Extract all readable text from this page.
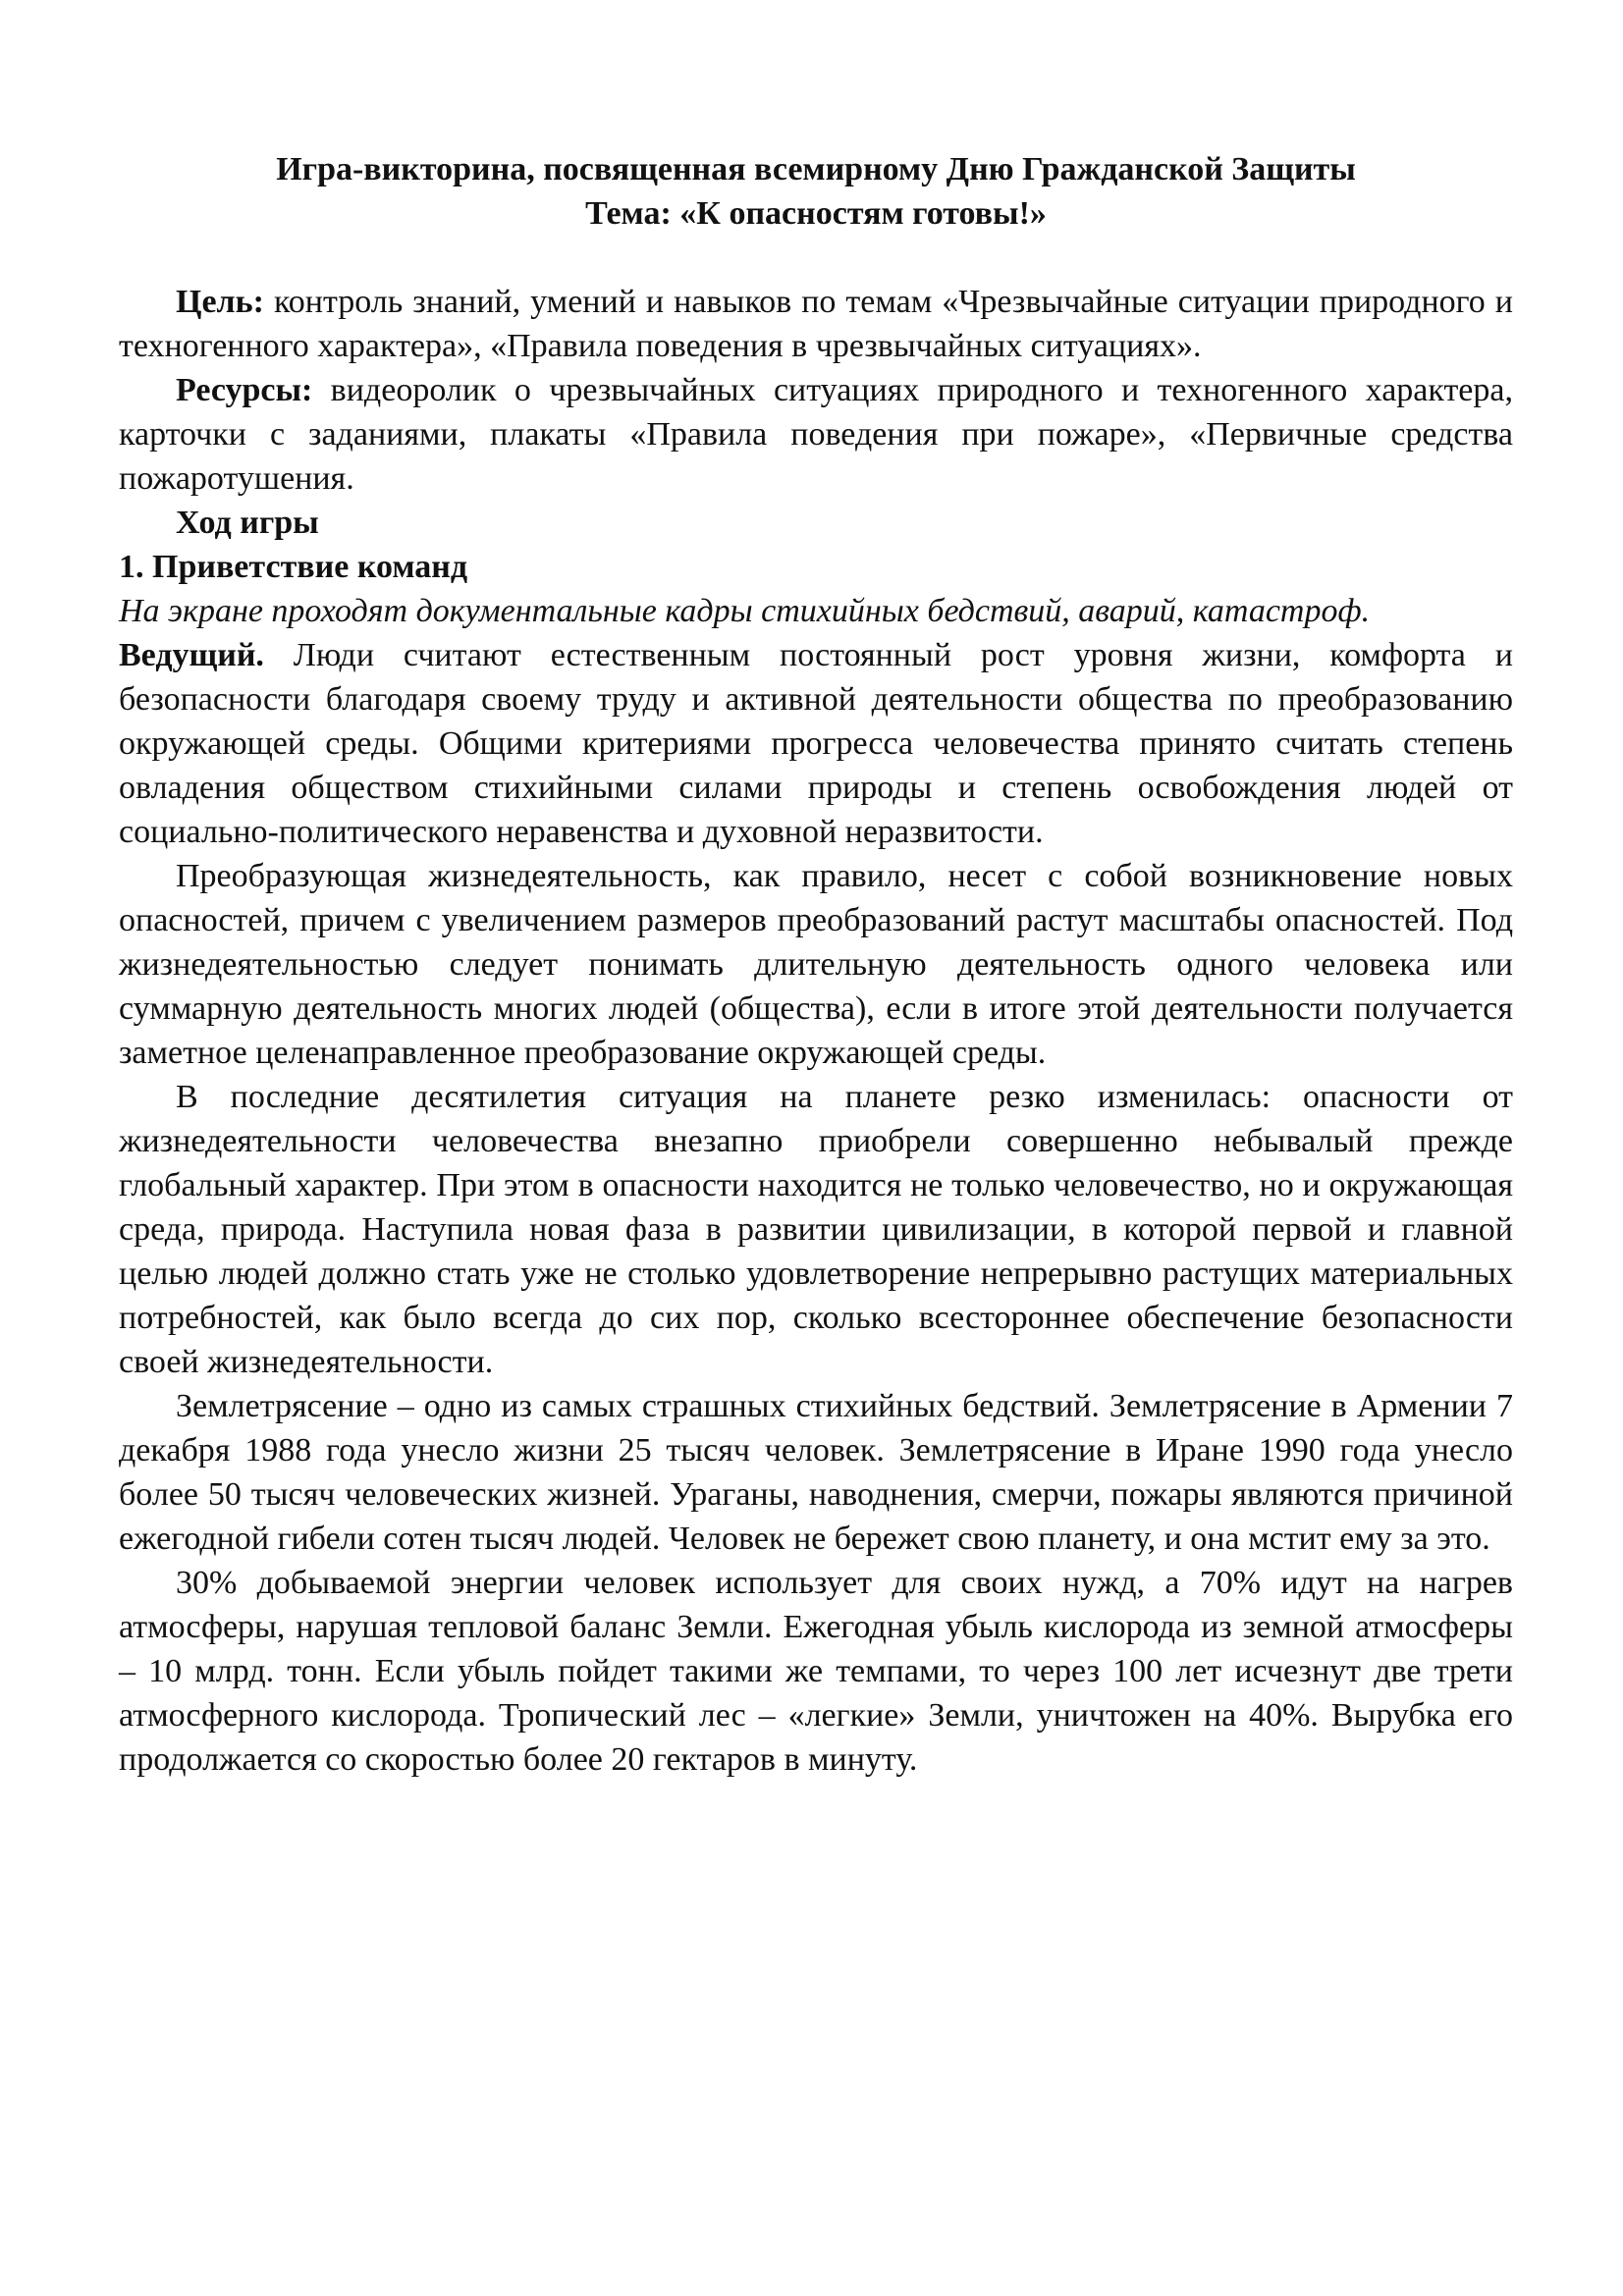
Игра-викторина, посвященная всемирному Дню Гражданской Защиты

Тема: «К опасностям готовы!»

Цель: контроль знаний, умений и навыков по темам «Чрезвычайные ситуации природного и техногенного характера», «Правила поведения в чрезвычайных ситуациях».

Ресурсы: видеоролик о чрезвычайных ситуациях природного и техногенного характера, карточки с заданиями, плакаты «Правила поведения при пожаре», «Первичные средства пожаротушения.

Ход игры

1. Приветствие команд

На экране проходят документальные кадры стихийных бедствий, аварий, катастроф.

Ведущий. Люди считают естественным постоянный рост уровня жизни, комфорта и безопасности благодаря своему труду и активной деятельности общества по преобразованию окружающей среды. Общими критериями прогресса человечества принято считать степень овладения обществом стихийными силами природы и степень освобождения людей от социально-политического неравенства и духовной неразвитости.

Преобразующая жизнедеятельность, как правило, несет с собой возникновение новых опасностей, причем с увеличением размеров преобразований растут масштабы опасностей. Под жизнедеятельностью следует понимать длительную деятельность одного человека или суммарную деятельность многих людей (общества), если в итоге этой деятельности получается заметное целенаправленное преобразование окружающей среды.

В последние десятилетия ситуация на планете резко изменилась: опасности от жизнедеятельности человечества внезапно приобрели совершенно небывалый прежде глобальный характер. При этом в опасности находится не только человечество, но и окружающая среда, природа. Наступила новая фаза в развитии цивилизации, в которой первой и главной целью людей должно стать уже не столько удовлетворение непрерывно растущих материальных потребностей, как было всегда до сих пор, сколько всестороннее обеспечение безопасности своей жизнедеятельности.

Землетрясение – одно из самых страшных стихийных бедствий. Землетрясение в Армении 7 декабря 1988 года унесло жизни 25 тысяч человек. Землетрясение в Иране 1990 года унесло более 50 тысяч человеческих жизней. Ураганы, наводнения, смерчи, пожары являются причиной ежегодной гибели сотен тысяч людей. Человек не бережет свою планету, и она мстит ему за это.

30% добываемой энергии человек использует для своих нужд, а 70% идут на нагрев атмосферы, нарушая тепловой баланс Земли. Ежегодная убыль кислорода из земной атмосферы – 10 млрд. тонн. Если убыль пойдет такими же темпами, то через 100 лет исчезнут две трети атмосферного кислорода. Тропический лес – «легкие» Земли, уничтожен на 40%. Вырубка его продолжается со скоростью более 20 гектаров в минуту.
